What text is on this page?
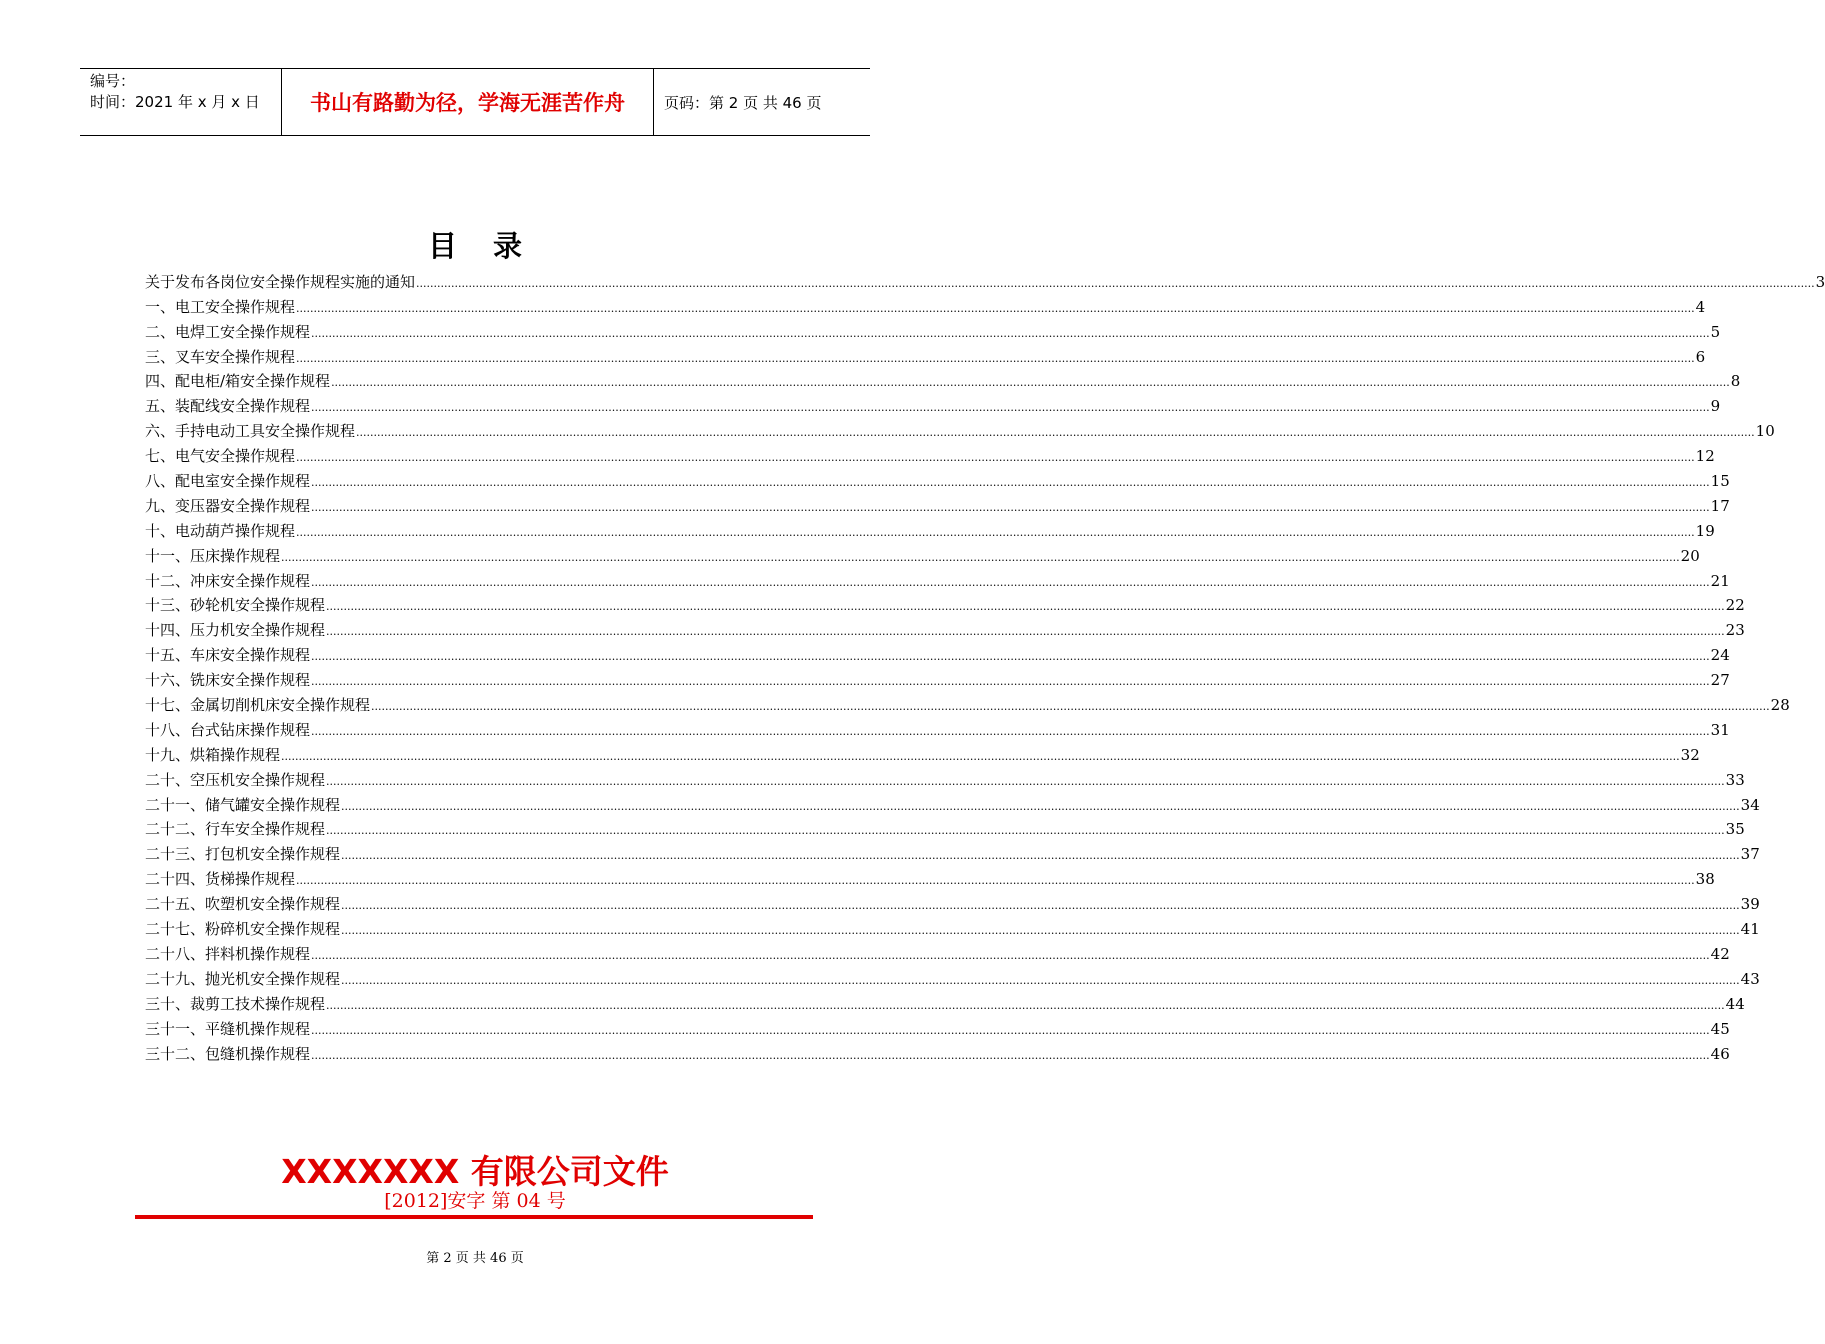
编号：
时间：2021 年 x 月 x 日	书山有路勤为径，学海无涯苦作舟	页码：第 2 页 共 46 页
目录
关于发布各岗位安全操作规程实施的通知 ................................................................................................................................................................................................................................................................................................................................................................................................................ 3
一、电工安全操作规程 ................................................................................................................................................................................................................................................................................................................................................................................................................ 4
二、电焊工安全操作规程 ................................................................................................................................................................................................................................................................................................................................................................................................................ 5
三、叉车安全操作规程 ................................................................................................................................................................................................................................................................................................................................................................................................................ 6
四、配电柜/箱安全操作规程 ................................................................................................................................................................................................................................................................................................................................................................................................................ 8
五、装配线安全操作规程 ................................................................................................................................................................................................................................................................................................................................................................................................................ 9
六、手持电动工具安全操作规程 ................................................................................................................................................................................................................................................................................................................................................................................................................ 10
七、电气安全操作规程 ................................................................................................................................................................................................................................................................................................................................................................................................................ 12
八、配电室安全操作规程 ................................................................................................................................................................................................................................................................................................................................................................................................................ 15
九、变压器安全操作规程 ................................................................................................................................................................................................................................................................................................................................................................................................................ 17
十、电动葫芦操作规程 ................................................................................................................................................................................................................................................................................................................................................................................................................ 19
十一、压床操作规程 ................................................................................................................................................................................................................................................................................................................................................................................................................ 20
十二、冲床安全操作规程 ................................................................................................................................................................................................................................................................................................................................................................................................................ 21
十三、砂轮机安全操作规程 ................................................................................................................................................................................................................................................................................................................................................................................................................ 22
十四、压力机安全操作规程 ................................................................................................................................................................................................................................................................................................................................................................................................................ 23
十五、车床安全操作规程 ................................................................................................................................................................................................................................................................................................................................................................................................................ 24
十六、铣床安全操作规程 ................................................................................................................................................................................................................................................................................................................................................................................................................ 27
十七、金属切削机床安全操作规程 ................................................................................................................................................................................................................................................................................................................................................................................................................ 28
十八、台式钻床操作规程 ................................................................................................................................................................................................................................................................................................................................................................................................................ 31
十九、烘箱操作规程 ................................................................................................................................................................................................................................................................................................................................................................................................................ 32
二十、空压机安全操作规程 ................................................................................................................................................................................................................................................................................................................................................................................................................ 33
二十一、储气罐安全操作规程 ................................................................................................................................................................................................................................................................................................................................................................................................................ 34
二十二、行车安全操作规程 ................................................................................................................................................................................................................................................................................................................................................................................................................ 35
二十三、打包机安全操作规程 ................................................................................................................................................................................................................................................................................................................................................................................................................ 37
二十四、货梯操作规程 ................................................................................................................................................................................................................................................................................................................................................................................................................ 38
二十五、吹塑机安全操作规程 ................................................................................................................................................................................................................................................................................................................................................................................................................ 39
二十七、粉碎机安全操作规程 ................................................................................................................................................................................................................................................................................................................................................................................................................ 41
二十八、拌料机操作规程 ................................................................................................................................................................................................................................................................................................................................................................................................................ 42
二十九、抛光机安全操作规程 ................................................................................................................................................................................................................................................................................................................................................................................................................ 43
三十、裁剪工技术操作规程 ................................................................................................................................................................................................................................................................................................................................................................................................................ 44
三十一、平缝机操作规程 ................................................................................................................................................................................................................................................................................................................................................................................................................ 45
三十二、包缝机操作规程 ................................................................................................................................................................................................................................................................................................................................................................................................................ 46
XXXXXXX 有限公司文件
[2012]安字 第 04 号
第 2 页 共 46 页
